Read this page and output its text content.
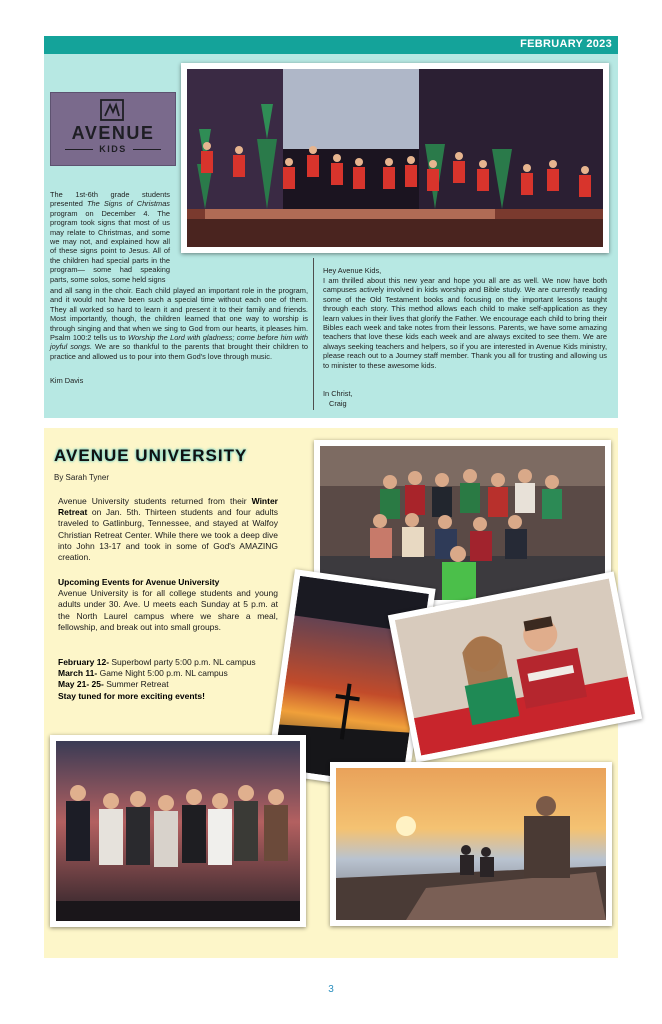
FEBRUARY 2023
AVENUE
KIDS
The 1st-6th grade students presented The Signs of Christmas program on December 4. The program took signs that most of us may relate to Christmas, and some we may not, and explained how all of these signs point to Jesus. All of the children had special parts in the program— some had speaking parts, some solos, some held signs
and all sang in the choir. Each child played an important role in the program, and it would not have been such a special time without each one of them. They all worked so hard to learn it and present it to their family and friends. Most importantly, though, the children learned that one way to worship is through singing and that when we sing to God from our hearts, it pleases him. Psalm 100:2 tells us to Worship the Lord with gladness; come before him with joyful songs. We are so thankful to the parents that brought their children to practice and allowed us to pour into them God's love through music.
Kim Davis
Hey Avenue Kids,
I am thrilled about this new year and hope you all are as well. We now have both campuses actively involved in kids worship and Bible study. We are currently reading some of the Old Testament books and focusing on the important lessons taught through each story. This method allows each child to make self-application as they learn values in their lives that glorify the Father. We encourage each child to bring their Bibles each week and take notes from their lessons. Parents, we have some amazing teachers that love these kids each week and are always excited to see them. We are always seeking teachers and helpers, so if you are interested in Avenue Kids ministry, please reach out to a Journey staff member. Thank you all for trusting and allowing us to minister to these awesome kids.
In Christ,
Craig
AVENUE UNIVERSITY
By Sarah Tyner
Avenue University students returned from their Winter Retreat on Jan. 5th. Thirteen students and four adults traveled to Gatlinburg, Tennessee, and stayed at Walfoy Christian Retreat Center. While there we took a deep dive into John 13-17 and took in some of God's AMAZING creation.

Upcoming Events for Avenue University

Avenue University is for all college students and young adults under 30. Ave. U meets each Sunday at 5 p.m. at the North Laurel campus where we share a meal, fellowship, and break out into small groups.

February 12- Superbowl party 5:00 p.m. NL campus

March 11- Game Night 5:00 p.m. NL campus

May 21- 25- Summer Retreat

Stay tuned for more exciting events!

3
